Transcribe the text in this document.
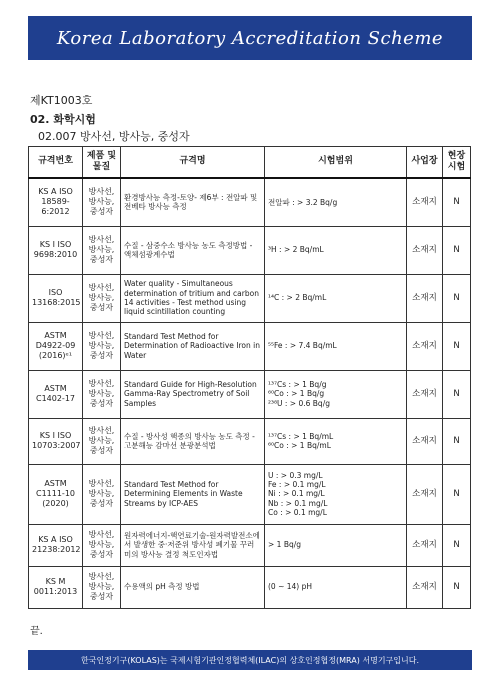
Korea Laboratory Accreditation Scheme
제KT1003호
02. 화학시험
02.007 방사선, 방사능, 중성자
규격번호	제품 및 물질	규격명	시험범위	사업장	현장 시험
KS A ISO 18589-6:2012	방사선, 방사능, 중성자	환경방사능 측정-토양- 제6부 : 전알파 및 전베타 방사능 측정	전알파 : > 3.2 Bq/g	소재지	N
KS I ISO 9698:2010	방사선, 방사능, 중성자	수질 - 삼중수소 방사능 농도 측정방법 - 액체섬광계수법	³H : > 2 Bq/mL	소재지	N
ISO 13168:2015	방사선, 방사능, 중성자	Water quality - Simultaneous determination of tritium and carbon 14 activities - Test method using liquid scintillation counting	¹⁴C : > 2 Bq/mL	소재지	N
ASTM D4922-09 (2016)ᵉ¹	방사선, 방사능, 중성자	Standard Test Method for Determination of Radioactive Iron in Water	⁵⁵Fe : > 7.4 Bq/mL	소재지	N
ASTM C1402-17	방사선, 방사능, 중성자	Standard Guide for High-Resolution Gamma-Ray Spectrometry of Soil Samples	¹³⁷Cs : > 1 Bq/g
⁶⁰Co : > 1 Bq/g
²³⁸U : > 0.6 Bq/g	소재지	N
KS I ISO 10703:2007	방사선, 방사능, 중성자	수질 - 방사성 핵종의 방사능 농도 측정 - 고분해능 감마선 분광분석법	¹³⁷Cs : > 1 Bq/mL
⁶⁰Co : > 1 Bq/mL	소재지	N
ASTM C1111-10 (2020)	방사선, 방사능, 중성자	Standard Test Method for Determining Elements in Waste Streams by ICP-AES	U : > 0.3 mg/L
Fe : > 0.1 mg/L
Ni : > 0.1 mg/L
Nb : > 0.1 mg/L
Co : > 0.1 mg/L	소재지	N
KS A ISO 21238:2012	방사선, 방사능, 중성자	원자력에너지-핵연료기술-원자력발전소에서 발생한 중·저준위 방사성 폐기물 꾸러미의 방사능 결정 척도인자법	> 1 Bq/g	소재지	N
KS M 0011:2013	방사선, 방사능, 중성자	수용액의 pH 측정 방법	(0 ~ 14) pH	소재지	N
끝.
한국인정기구(KOLAS)는 국제시험기관인정협력체(ILAC)의 상호인정협정(MRA) 서명기구입니다.
